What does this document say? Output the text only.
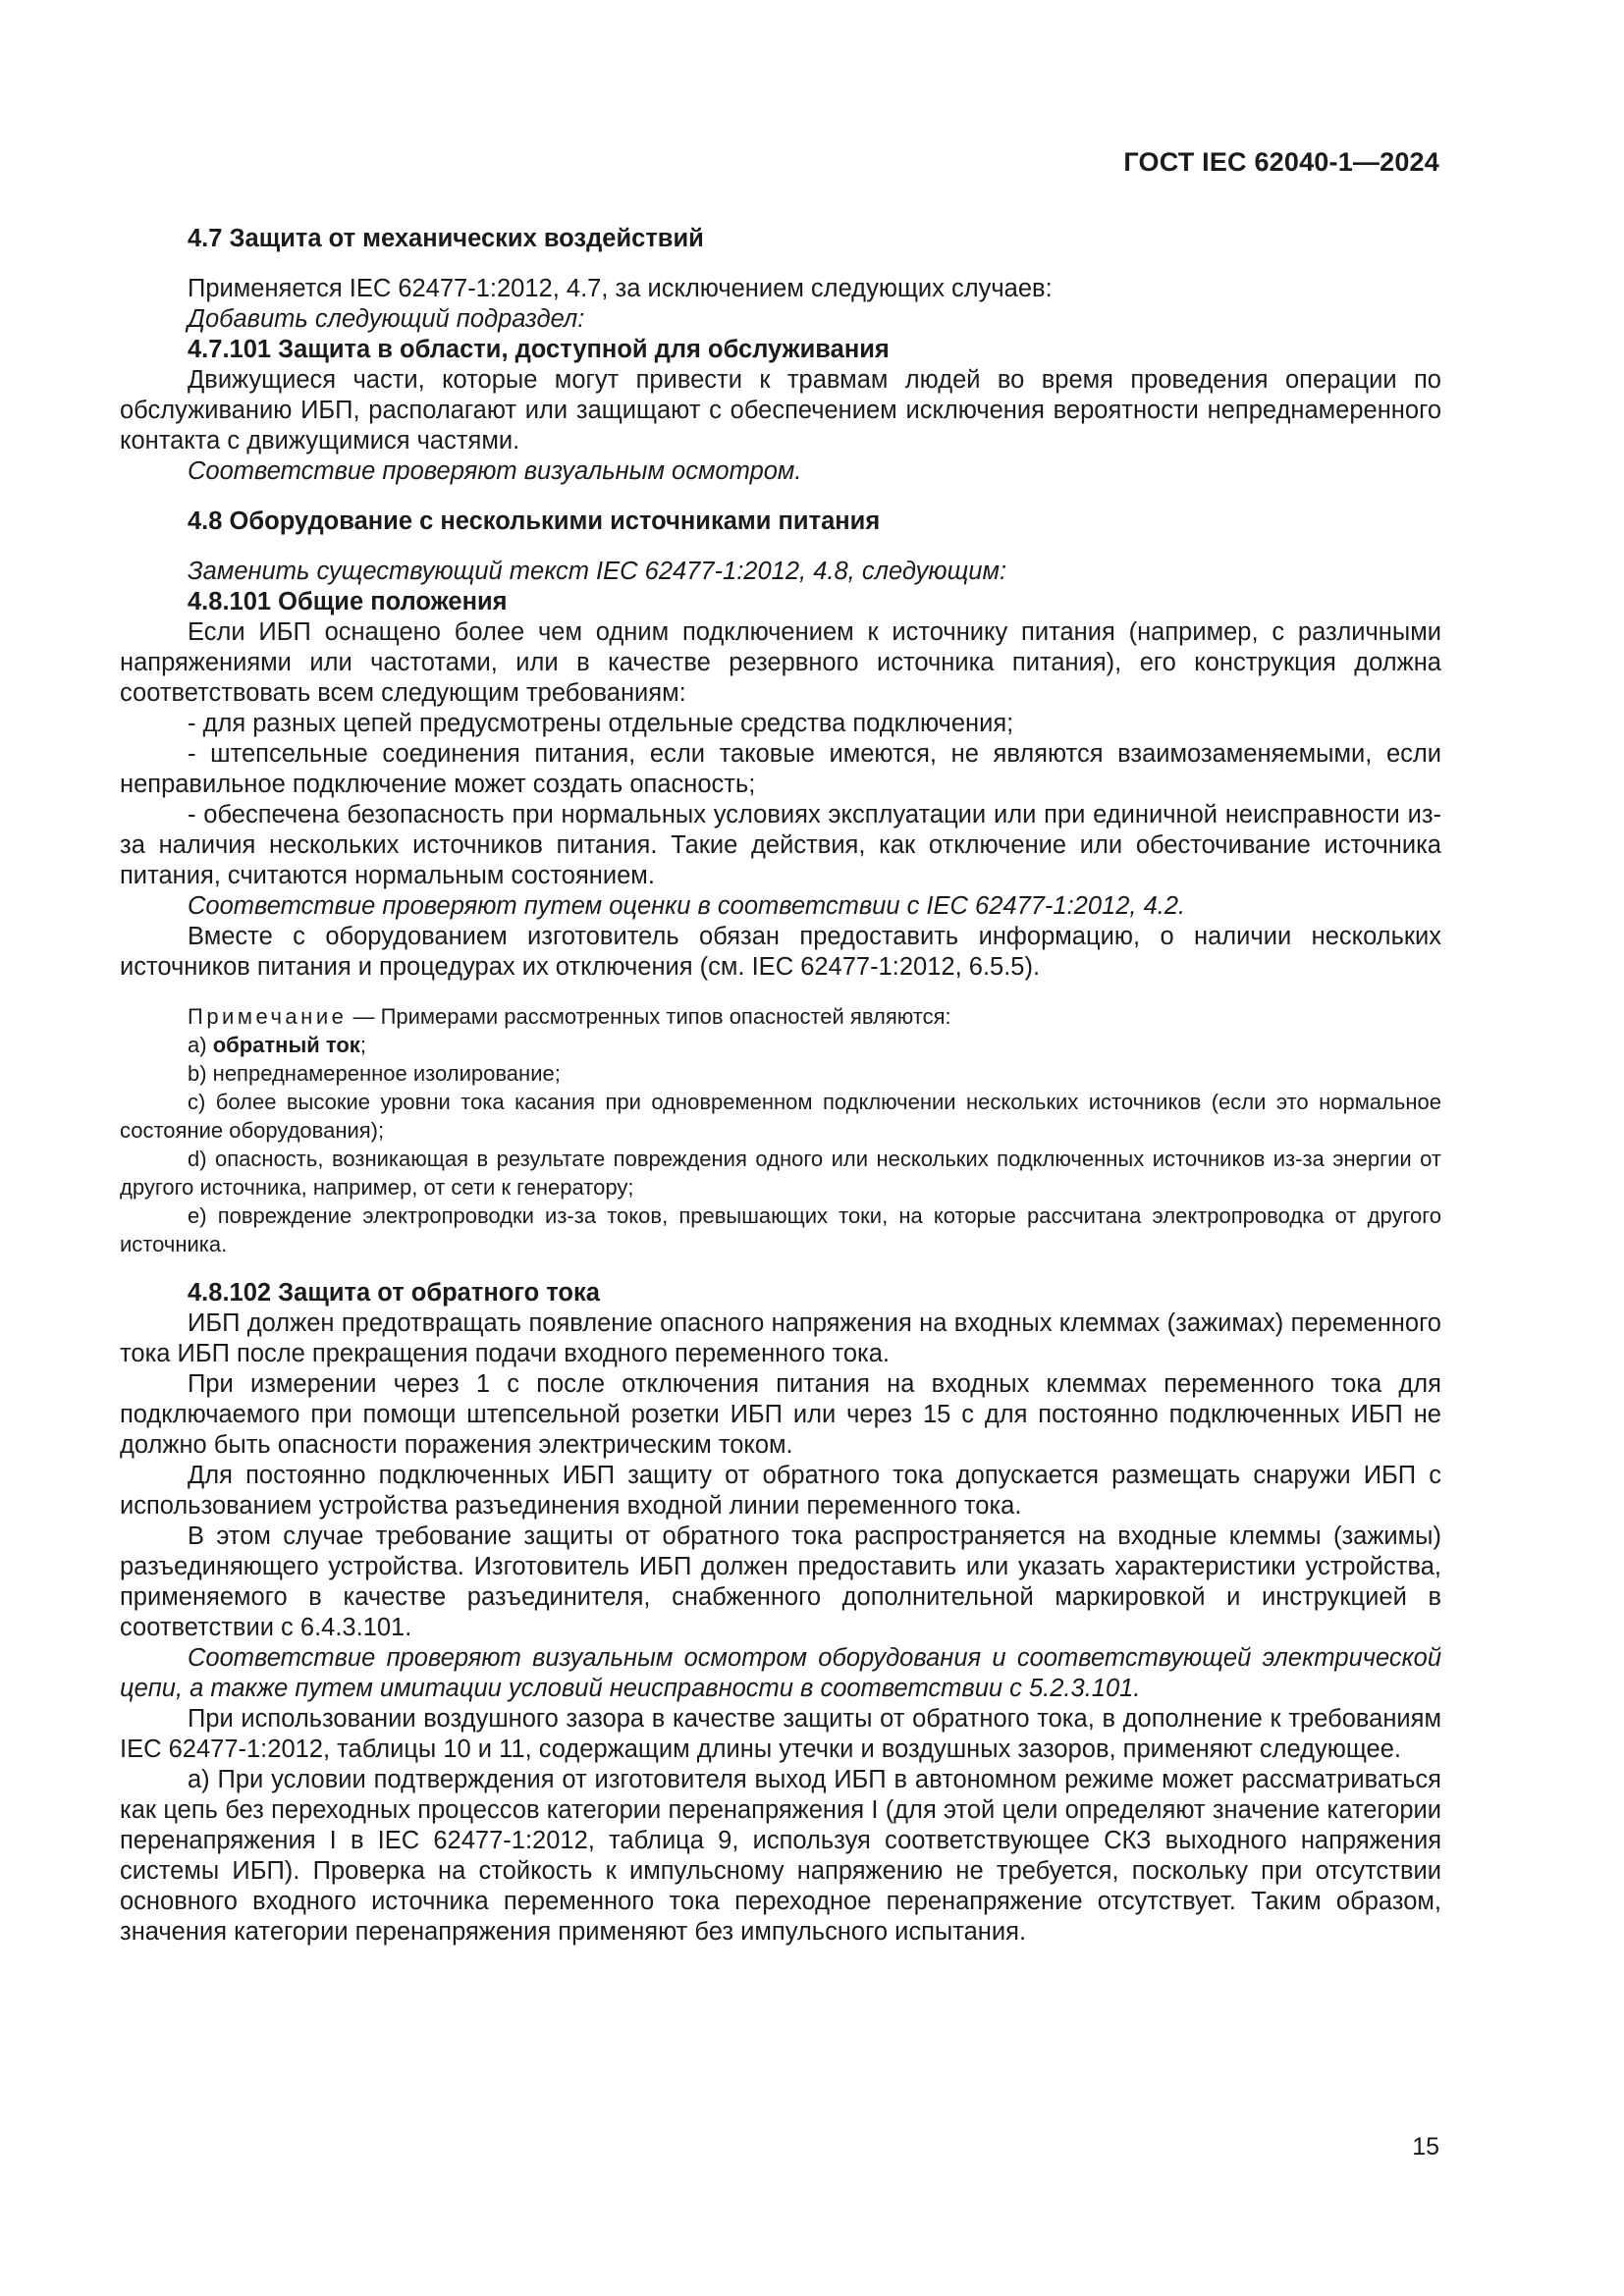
ГОСТ IEC 62040-1—2024

4.7 Защита от механических воздействий

Применяется IEC 62477-1:2012, 4.7, за исключением следующих случаев:

Добавить следующий подраздел:

4.7.101 Защита в области, доступной для обслуживания

Движущиеся части, которые могут привести к травмам людей во время проведения операции по обслуживанию ИБП, располагают или защищают с обеспечением исключения вероятности непреднамеренного контакта с движущимися частями.

Соответствие проверяют визуальным осмотром.

4.8 Оборудование с несколькими источниками питания

Заменить существующий текст IEC 62477-1:2012, 4.8, следующим:

4.8.101 Общие положения

Если ИБП оснащено более чем одним подключением к источнику питания (например, с различными напряжениями или частотами, или в качестве резервного источника питания), его конструкция должна соответствовать всем следующим требованиям:

- для разных цепей предусмотрены отдельные средства подключения;

- штепсельные соединения питания, если таковые имеются, не являются взаимозаменяемыми, если неправильное подключение может создать опасность;

- обеспечена безопасность при нормальных условиях эксплуатации или при единичной неисправности из-за наличия нескольких источников питания. Такие действия, как отключение или обесточивание источника питания, считаются нормальным состоянием.

Соответствие проверяют путем оценки в соответствии с IEC 62477-1:2012, 4.2.

Вместе с оборудованием изготовитель обязан предоставить информацию, о наличии нескольких источников питания и процедурах их отключения (см. IEC 62477-1:2012, 6.5.5).

Примечание — Примерами рассмотренных типов опасностей являются:

a) обратный ток;

b) непреднамеренное изолирование;

c) более высокие уровни тока касания при одновременном подключении нескольких источников (если это нормальное состояние оборудования);

d) опасность, возникающая в результате повреждения одного или нескольких подключенных источников из-за энергии от другого источника, например, от сети к генератору;

e) повреждение электропроводки из-за токов, превышающих токи, на которые рассчитана электропроводка от другого источника.

4.8.102 Защита от обратного тока

ИБП должен предотвращать появление опасного напряжения на входных клеммах (зажимах) переменного тока ИБП после прекращения подачи входного переменного тока.

При измерении через 1 с после отключения питания на входных клеммах переменного тока для подключаемого при помощи штепсельной розетки ИБП или через 15 с для постоянно подключенных ИБП не должно быть опасности поражения электрическим током.

Для постоянно подключенных ИБП защиту от обратного тока допускается размещать снаружи ИБП с использованием устройства разъединения входной линии переменного тока.

В этом случае требование защиты от обратного тока распространяется на входные клеммы (зажимы) разъединяющего устройства. Изготовитель ИБП должен предоставить или указать характеристики устройства, применяемого в качестве разъединителя, снабженного дополнительной маркировкой и инструкцией в соответствии с 6.4.3.101.

Соответствие проверяют визуальным осмотром оборудования и соответствующей электрической цепи, а также путем имитации условий неисправности в соответствии с 5.2.3.101.

При использовании воздушного зазора в качестве защиты от обратного тока, в дополнение к требованиям IEC 62477-1:2012, таблицы 10 и 11, содержащим длины утечки и воздушных зазоров, применяют следующее.

a) При условии подтверждения от изготовителя выход ИБП в автономном режиме может рассматриваться как цепь без переходных процессов категории перенапряжения I (для этой цели определяют значение категории перенапряжения I в IEC 62477-1:2012, таблица 9, используя соответствующее СКЗ выходного напряжения системы ИБП). Проверка на стойкость к импульсному напряжению не требуется, поскольку при отсутствии основного входного источника переменного тока переходное перенапряжение отсутствует. Таким образом, значения категории перенапряжения применяют без импульсного испытания.

15
